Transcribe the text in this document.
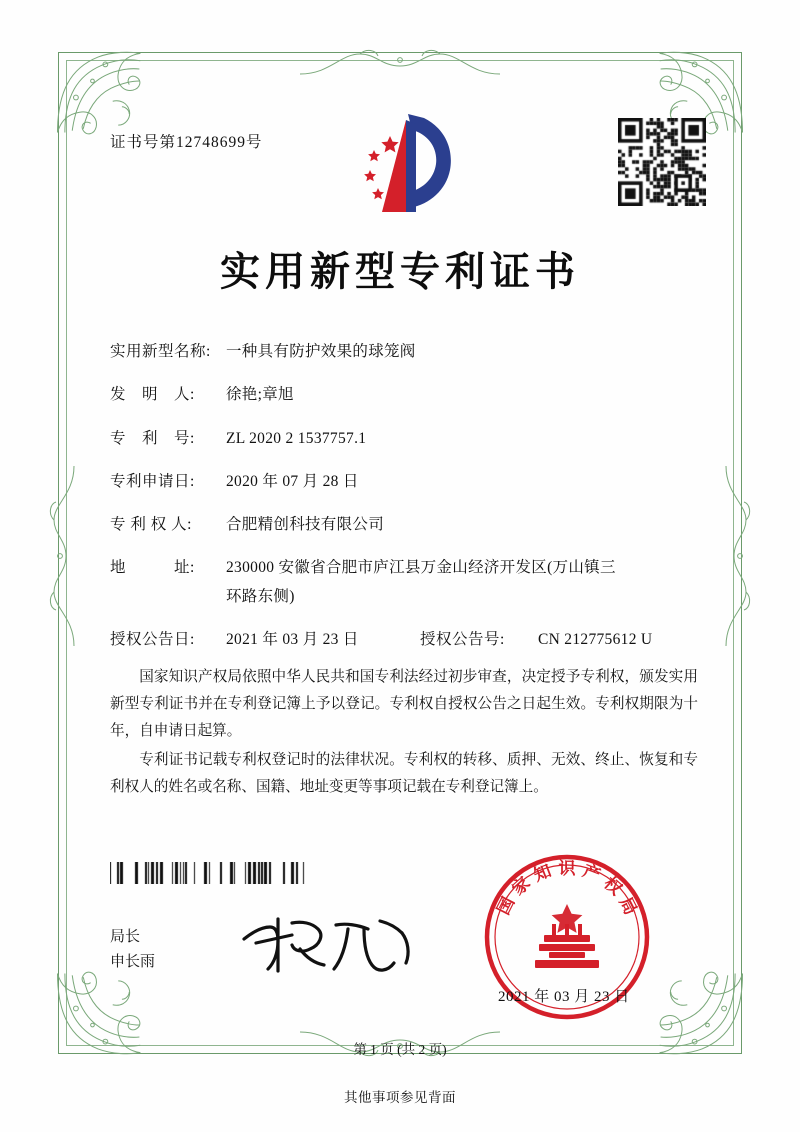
证书号第12748699号
实用新型专利证书
实用新型名称: 一种具有防护效果的球笼阀
发　明　人:	徐艳;章旭
专　利　号:	ZL 2020 2 1537757.1
专利申请日:	2020 年 07 月 28 日
专 利 权 人:	合肥精创科技有限公司
地　　　址:	230000 安徽省合肥市庐江县万金山经济开发区(万山镇三
环路东侧)
授权公告日:	2021 年 03 月 23 日	授权公告号:	CN 212775612 U

国家知识产权局依照中华人民共和国专利法经过初步审查，决定授予专利权，颁发实用新型专利证书并在专利登记簿上予以登记。专利权自授权公告之日起生效。专利权期限为十年，自申请日起算。

专利证书记载专利权登记时的法律状况。专利权的转移、质押、无效、终止、恢复和专利权人的姓名或名称、国籍、地址变更等事项记载在专利登记簿上。

局长
申长雨
国
家
知 识 产
权
局
2021 年 03 月 23 日
第 1 页 (共 2 页)
其他事项参见背面
